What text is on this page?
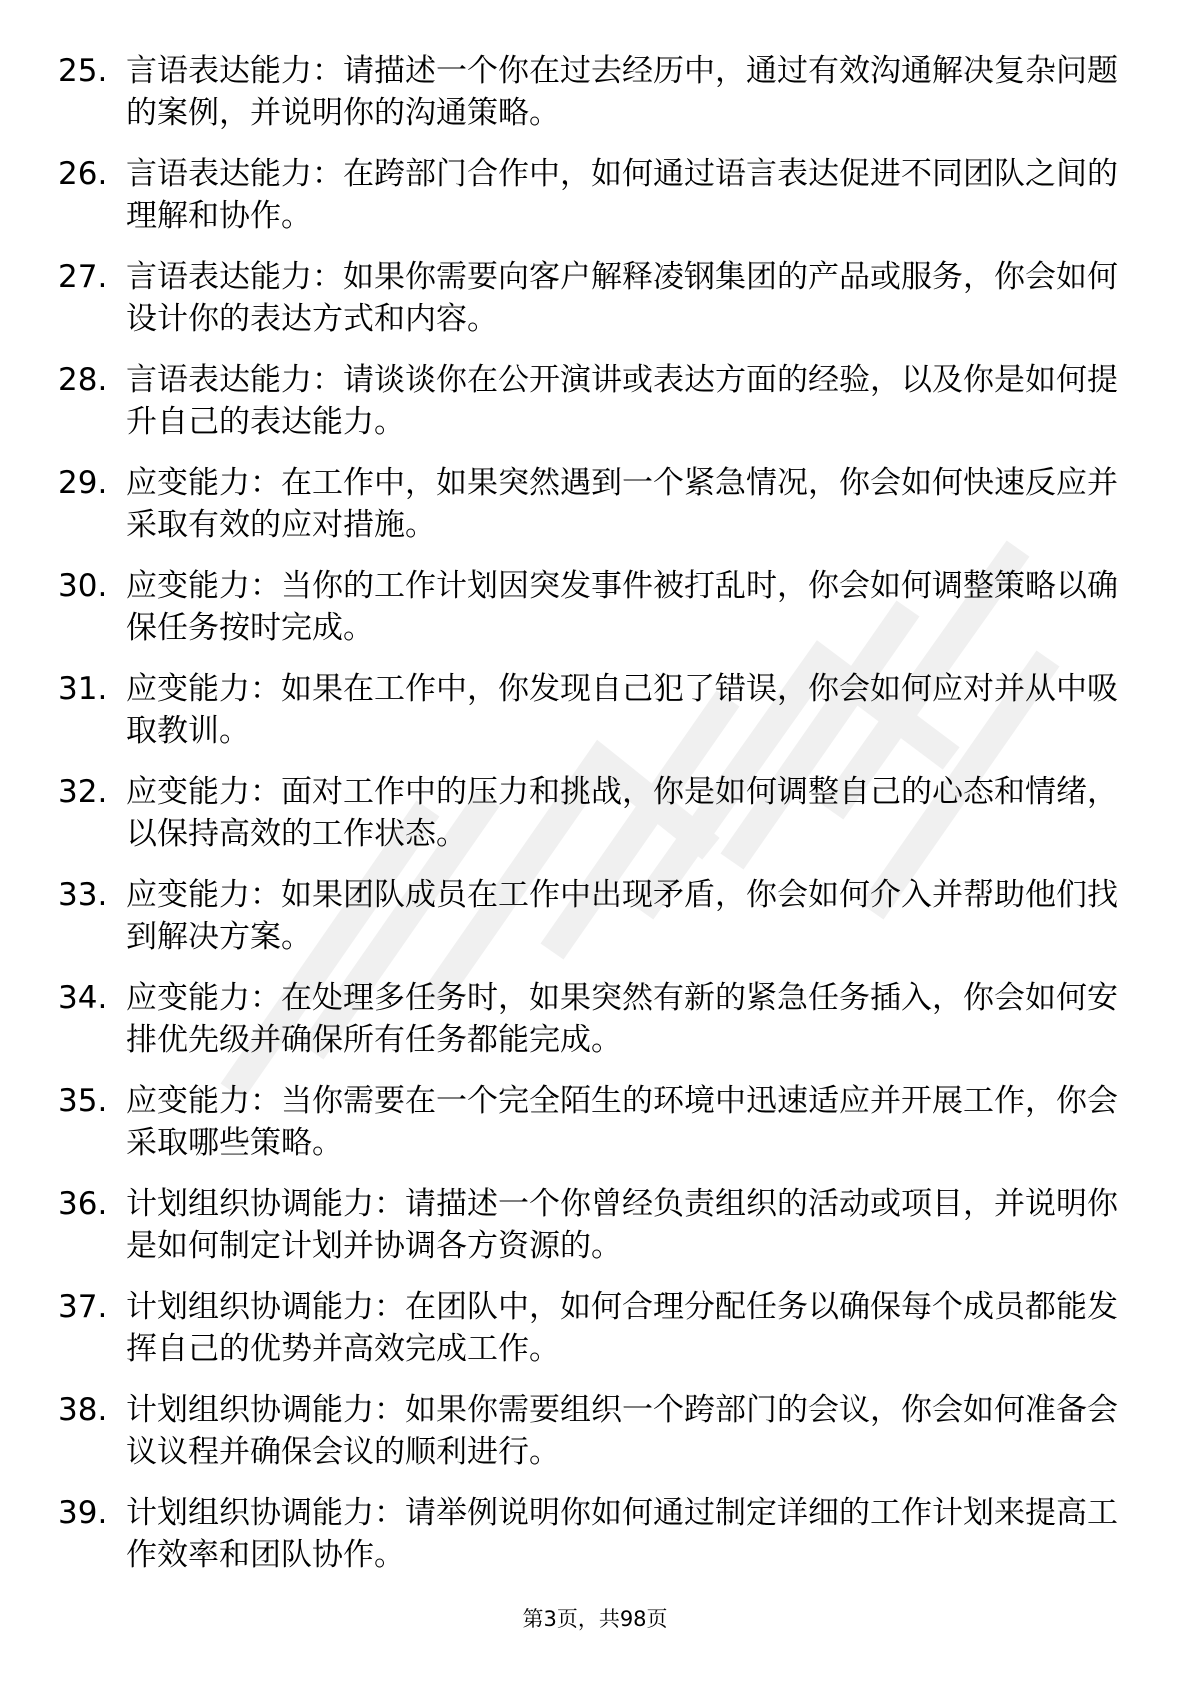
25. 言语表达能力：请描述一个你在过去经历中，通过有效沟通解决复杂问题的案例，并说明你的沟通策略。
26. 言语表达能力：在跨部门合作中，如何通过语言表达促进不同团队之间的理解和协作。
27. 言语表达能力：如果你需要向客户解释凌钢集团的产品或服务，你会如何设计你的表达方式和内容。
28. 言语表达能力：请谈谈你在公开演讲或表达方面的经验，以及你是如何提升自己的表达能力。
29. 应变能力：在工作中，如果突然遇到一个紧急情况，你会如何快速反应并采取有效的应对措施。
30. 应变能力：当你的工作计划因突发事件被打乱时，你会如何调整策略以确保任务按时完成。
31. 应变能力：如果在工作中，你发现自己犯了错误，你会如何应对并从中吸取教训。
32. 应变能力：面对工作中的压力和挑战，你是如何调整自己的心态和情绪，以保持高效的工作状态。
33. 应变能力：如果团队成员在工作中出现矛盾，你会如何介入并帮助他们找到解决方案。
34. 应变能力：在处理多任务时，如果突然有新的紧急任务插入，你会如何安排优先级并确保所有任务都能完成。
35. 应变能力：当你需要在一个完全陌生的环境中迅速适应并开展工作，你会采取哪些策略。
36. 计划组织协调能力：请描述一个你曾经负责组织的活动或项目，并说明你是如何制定计划并协调各方资源的。
37. 计划组织协调能力：在团队中，如何合理分配任务以确保每个成员都能发挥自己的优势并高效完成工作。
38. 计划组织协调能力：如果你需要组织一个跨部门的会议，你会如何准备会议议程并确保会议的顺利进行。
39. 计划组织协调能力：请举例说明你如何通过制定详细的工作计划来提高工作效率和团队协作。
第3页，共98页
